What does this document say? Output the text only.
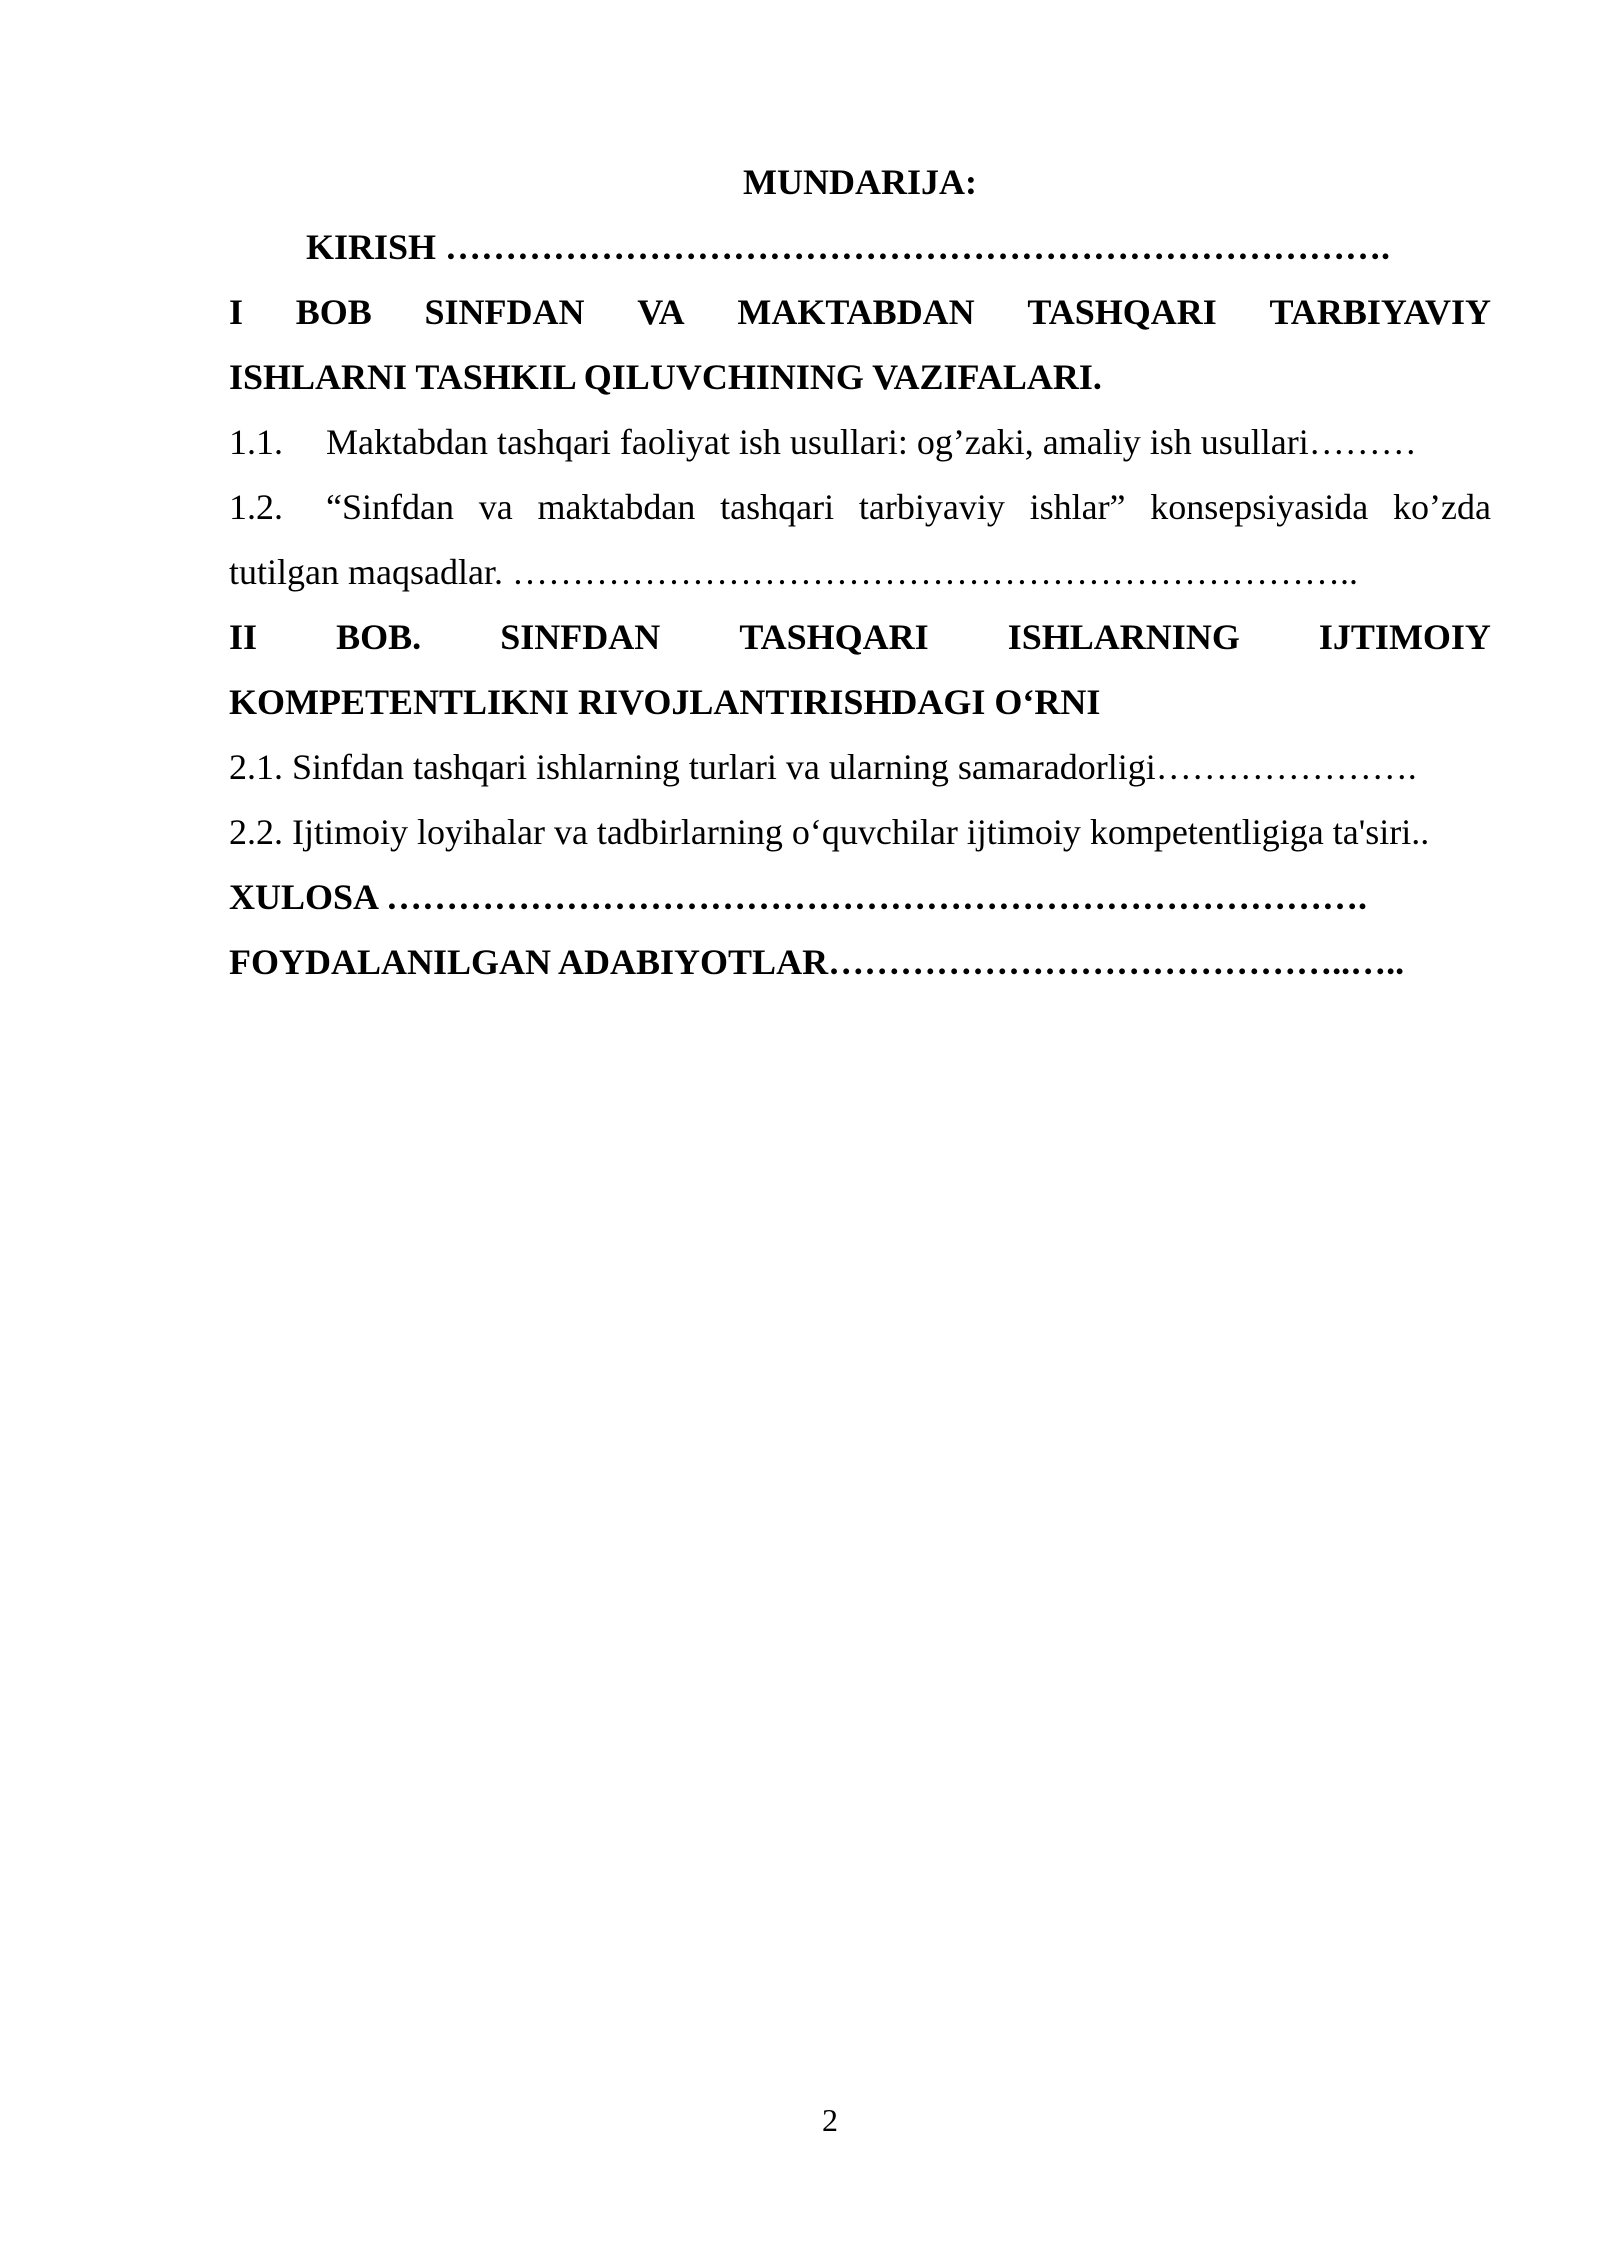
MUNDARIJA:
KIRISH …………………………………………………………………….
I BOB SINFDAN VA MAKTABDAN TASHQARI TARBIYAVIY
ISHLARNI TASHKIL QILUVCHINING VAZIFALARI.
1.1.	Maktabdan tashqari faoliyat ish usullari: og’zaki, amaliy ish usullari………
1.2.	“Sinfdan va maktabdan tashqari tarbiyaviy ishlar” konsepsiyasida ko’zda
tutilgan maqsadlar. ……………………………………………………………..
II BOB. SINFDAN TASHQARI ISHLARNING IJTIMOIY
KOMPETENTLIKNI RIVOJLANTIRISHDAGI O‘RNI
2.1. Sinfdan tashqari ishlarning turlari va ularning samaradorligi………………….
2.2. Ijtimoiy loyihalar va tadbirlarning o‘quvchilar ijtimoiy kompetentligiga ta'siri..
XULOSA ……………………………………………………………………….
FOYDALANILGAN ADABIYOTLAR……………………………………..…..
2
